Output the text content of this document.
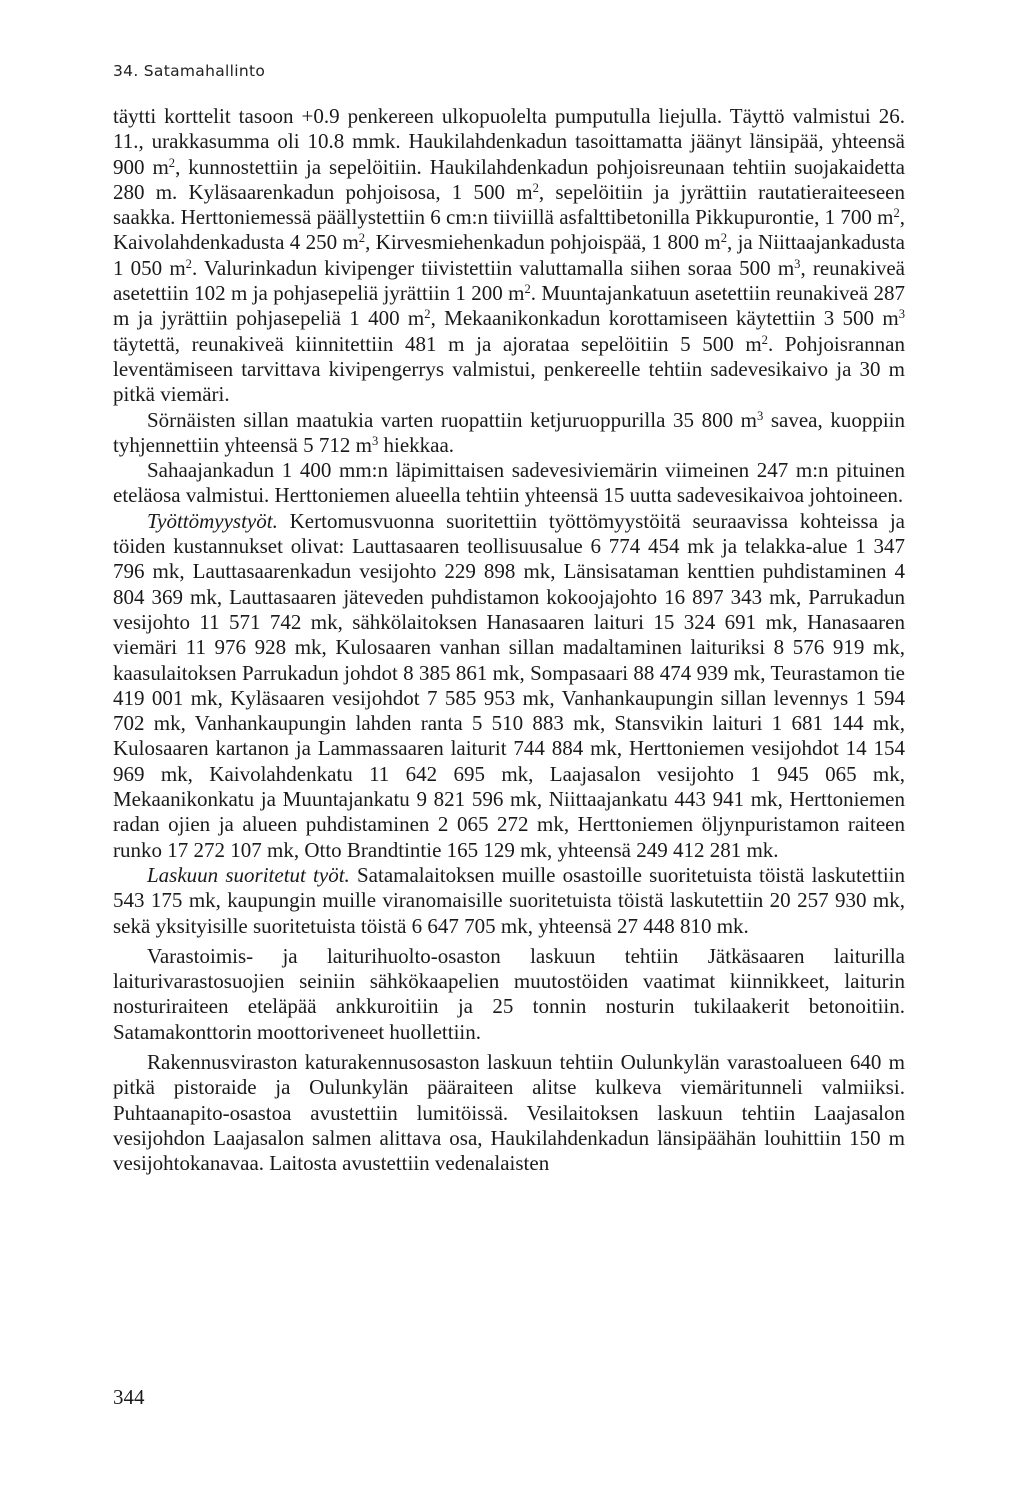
34. Satamahallinto

täytti korttelit tasoon +0.9 penkereen ulkopuolelta pumputulla liejulla. Täyttö valmistui 26. 11., urakkasumma oli 10.8 mmk. Haukilahdenkadun tasoittamatta jäänyt länsipää, yhteensä 900 $m^2$, kunnostettiin ja sepelöitiin. Haukilahdenkadun pohjoisreunaan tehtiin suojakaidetta 280 m. Kyläsaarenkadun pohjoisosa, 1 500 $m^2$, sepelöitiin ja jyrättiin rautatieraiteeseen saakka. Herttoniemessä päällystettiin 6 cm:n tiiviillä asfalttibetonilla Pikkupurontie, 1 700 $m^2$, Kaivolahdenkadusta 4 250 $m^2$, Kirvesmiehenkadun pohjoispää, 1 800 $m^2$, ja Niittaajankadusta 1 050 $m^2$. Valurinkadun kivipenger tiivistettiin valuttamalla siihen soraa 500 $m^3$, reunakiveä asetettiin 102 m ja pohjasepeliä jyrättiin 1 200 $m^2$. Muuntajankatuun asetettiin reunakiveä 287 m ja jyrättiin pohjasepeliä 1 400 $m^2$, Mekaanikonkadun korottamiseen käytettiin 3 500 $m^3$ täytettä, reunakiveä kiinnitettiin 481 m ja ajorataa sepelöitiin 5 500 $m^2$. Pohjoisrannan leventämiseen tarvittava kivipengerrys valmistui, penkereelle tehtiin sadevesikaivo ja 30 m pitkä viemäri.

Sörnäisten sillan maatukia varten ruopattiin ketjuruoppurilla 35 800 $m^3$ savea, kuoppiin tyhjennettiin yhteensä 5 712 $m^3$ hiekkaa.

Sahaajankadun 1 400 mm:n läpimittaisen sadevesiviemärin viimeinen 247 m:n pituinen eteläosa valmistui. Herttoniemen alueella tehtiin yhteensä 15 uutta sadevesikaivoa johtoineen.

Työttömyystyöt. Kertomusvuonna suoritettiin työttömyystöitä seuraavissa kohteissa ja töiden kustannukset olivat: Lauttasaaren teollisuusalue 6 774 454 mk ja telakka-alue 1 347 796 mk, Lauttasaarenkadun vesijohto 229 898 mk, Länsisataman kenttien puhdistaminen 4 804 369 mk, Lauttasaaren jäteveden puhdistamon kokoojajohto 16 897 343 mk, Parrukadun vesijohto 11 571 742 mk, sähkölaitoksen Hanasaaren laituri 15 324 691 mk, Hanasaaren viemäri 11 976 928 mk, Kulosaaren vanhan sillan madaltaminen laituriksi 8 576 919 mk, kaasulaitoksen Parrukadun johdot 8 385 861 mk, Sompasaari 88 474 939 mk, Teurastamon tie 419 001 mk, Kyläsaaren vesijohdot 7 585 953 mk, Vanhankaupungin sillan levennys 1 594 702 mk, Vanhankaupungin lahden ranta 5 510 883 mk, Stansvikin laituri 1 681 144 mk, Kulosaaren kartanon ja Lammassaaren laiturit 744 884 mk, Herttoniemen vesijohdot 14 154 969 mk, Kaivolahdenkatu 11 642 695 mk, Laajasalon vesijohto 1 945 065 mk, Mekaanikonkatu ja Muuntajankatu 9 821 596 mk, Niittaajankatu 443 941 mk, Herttoniemen radan ojien ja alueen puhdistaminen 2 065 272 mk, Herttoniemen öljynpuristamon raiteen runko 17 272 107 mk, Otto Brandtintie 165 129 mk, yhteensä 249 412 281 mk.

Laskuun suoritetut työt. Satamalaitoksen muille osastoille suoritetuista töistä laskutettiin 543 175 mk, kaupungin muille viranomaisille suoritetuista töistä laskutettiin 20 257 930 mk, sekä yksityisille suoritetuista töistä 6 647 705 mk, yhteensä 27 448 810 mk.

Varastoimis- ja laiturihuolto-osaston laskuun tehtiin Jätkäsaaren laiturilla laiturivarastosuojien seiniin sähkökaapelien muutostöiden vaatimat kiinnikkeet, laiturin nosturiraiteen eteläpää ankkuroitiin ja 25 tonnin nosturin tukilaakerit betonoitiin. Satamakonttorin moottoriveneet huollettiin.

Rakennusviraston katurakennusosaston laskuun tehtiin Oulunkylän varastoalueen 640 m pitkä pistoraide ja Oulunkylän pääraiteen alitse kulkeva viemäritunneli valmiiksi. Puhtaanapito-osastoa avustettiin lumitöissä. Vesilaitoksen laskuun tehtiin Laajasalon vesijohdon Laajasalon salmen alittava osa, Haukilahdenkadun länsipäähän louhittiin 150 m vesijohtokanavaa. Laitosta avustettiin vedenalaisten

344
